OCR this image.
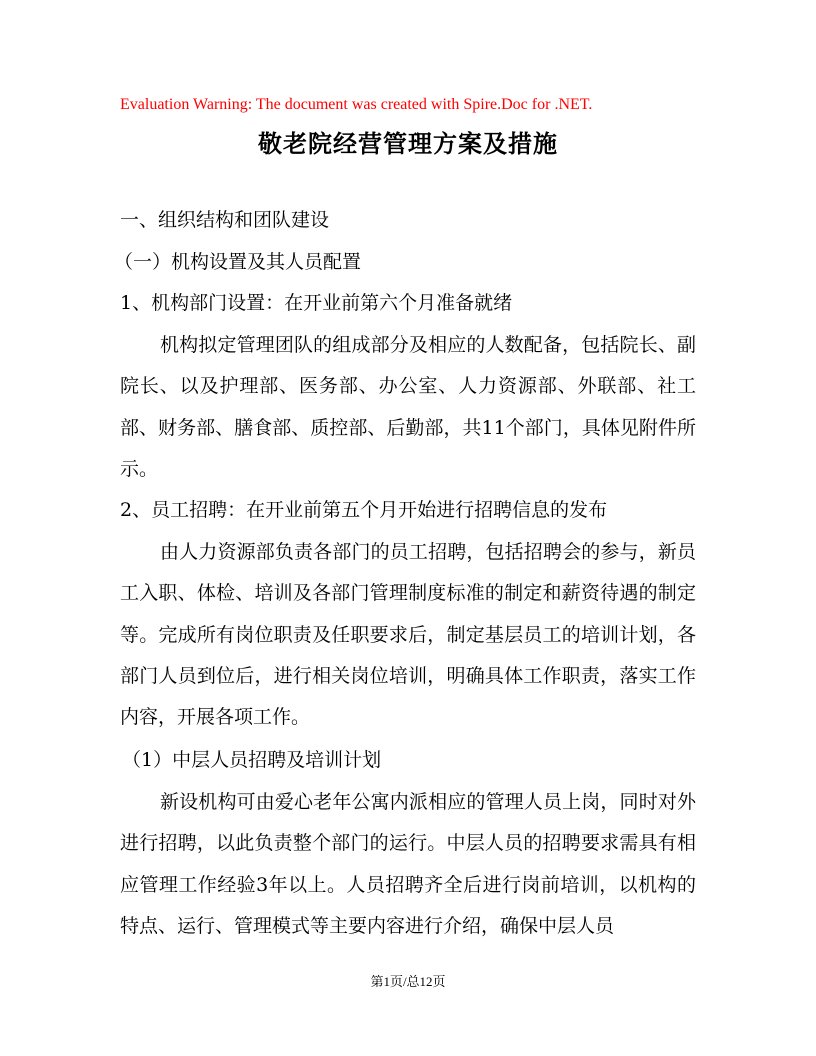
Evaluation Warning: The document was created with Spire.Doc for .NET.
敬老院经营管理方案及措施
一、组织结构和团队建设
（一）机构设置及其人员配置
1、机构部门设置：在开业前第六个月准备就绪
机构拟定管理团队的组成部分及相应的人数配备，包括院长、副院长、以及护理部、医务部、办公室、人力资源部、外联部、社工部、财务部、膳食部、质控部、后勤部，共11个部门，具体见附件所示。
2、员工招聘：在开业前第五个月开始进行招聘信息的发布
由人力资源部负责各部门的员工招聘，包括招聘会的参与，新员工入职、体检、培训及各部门管理制度标准的制定和薪资待遇的制定等。完成所有岗位职责及任职要求后，制定基层员工的培训计划，各部门人员到位后，进行相关岗位培训，明确具体工作职责，落实工作内容，开展各项工作。
（1）中层人员招聘及培训计划
新设机构可由爱心老年公寓内派相应的管理人员上岗，同时对外进行招聘，以此负责整个部门的运行。中层人员的招聘要求需具有相应管理工作经验3年以上。人员招聘齐全后进行岗前培训，以机构的特点、运行、管理模式等主要内容进行介绍，确保中层人员
第1页/总12页
